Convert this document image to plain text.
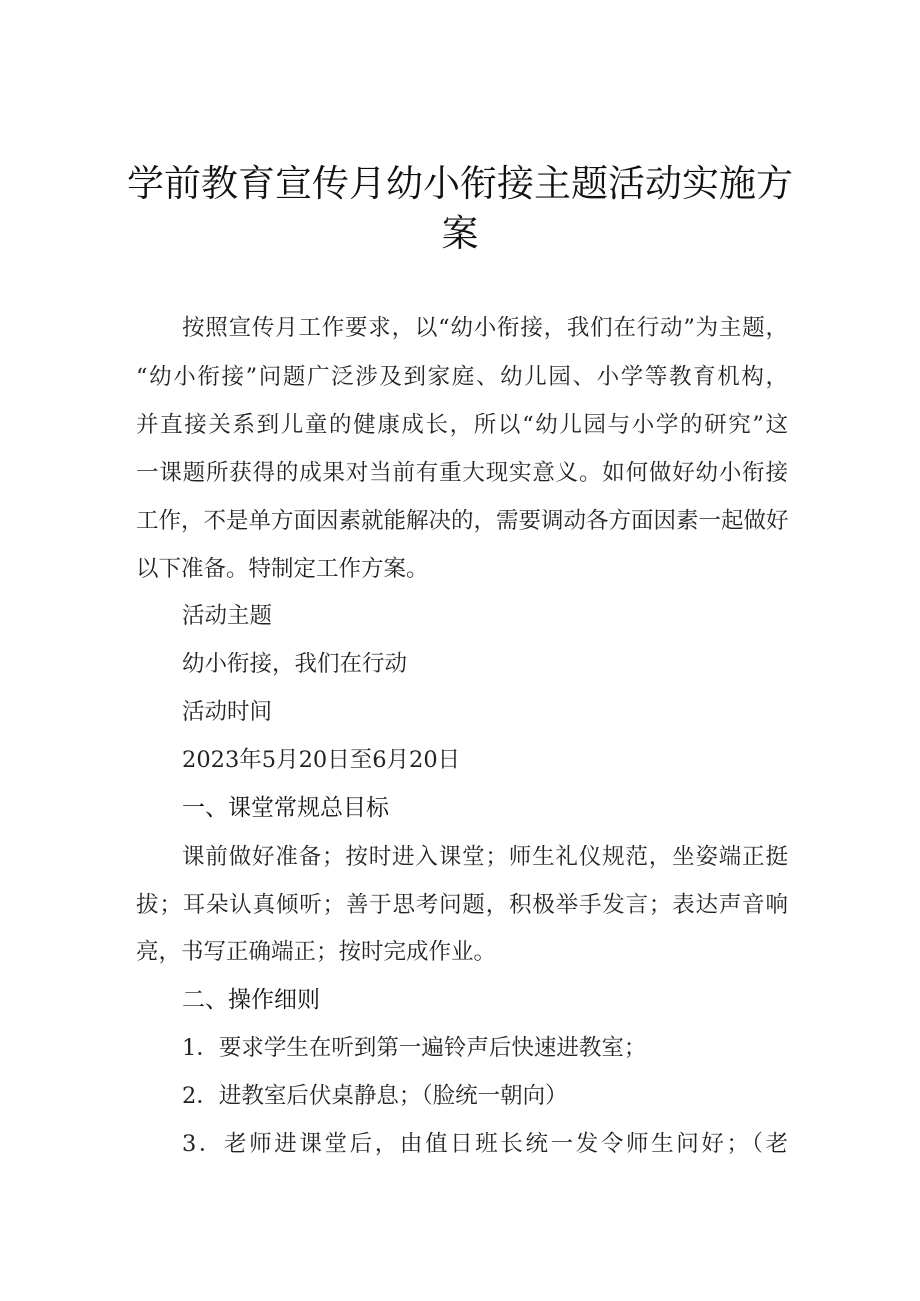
学前教育宣传月幼小衔接主题活动实施方
案
按照宣传月工作要求，以“幼小衔接，我们在行动”为主题，
“幼小衔接”问题广泛涉及到家庭、幼儿园、小学等教育机构，
并直接关系到儿童的健康成长，所以“幼儿园与小学的研究”这
一课题所获得的成果对当前有重大现实意义。如何做好幼小衔接
工作，不是单方面因素就能解决的，需要调动各方面因素一起做好
以下准备。特制定工作方案。
活动主题
幼小衔接，我们在行动
活动时间
2023年5月20日至6月20日
一、课堂常规总目标
课前做好准备；按时进入课堂；师生礼仪规范，坐姿端正挺
拔；耳朵认真倾听；善于思考问题，积极举手发言；表达声音响
亮，书写正确端正；按时完成作业。
二、操作细则
1．要求学生在听到第一遍铃声后快速进教室；
2．进教室后伏桌静息；（脸统一朝向）
3．老师进课堂后，由值日班长统一发令师生问好；（老
